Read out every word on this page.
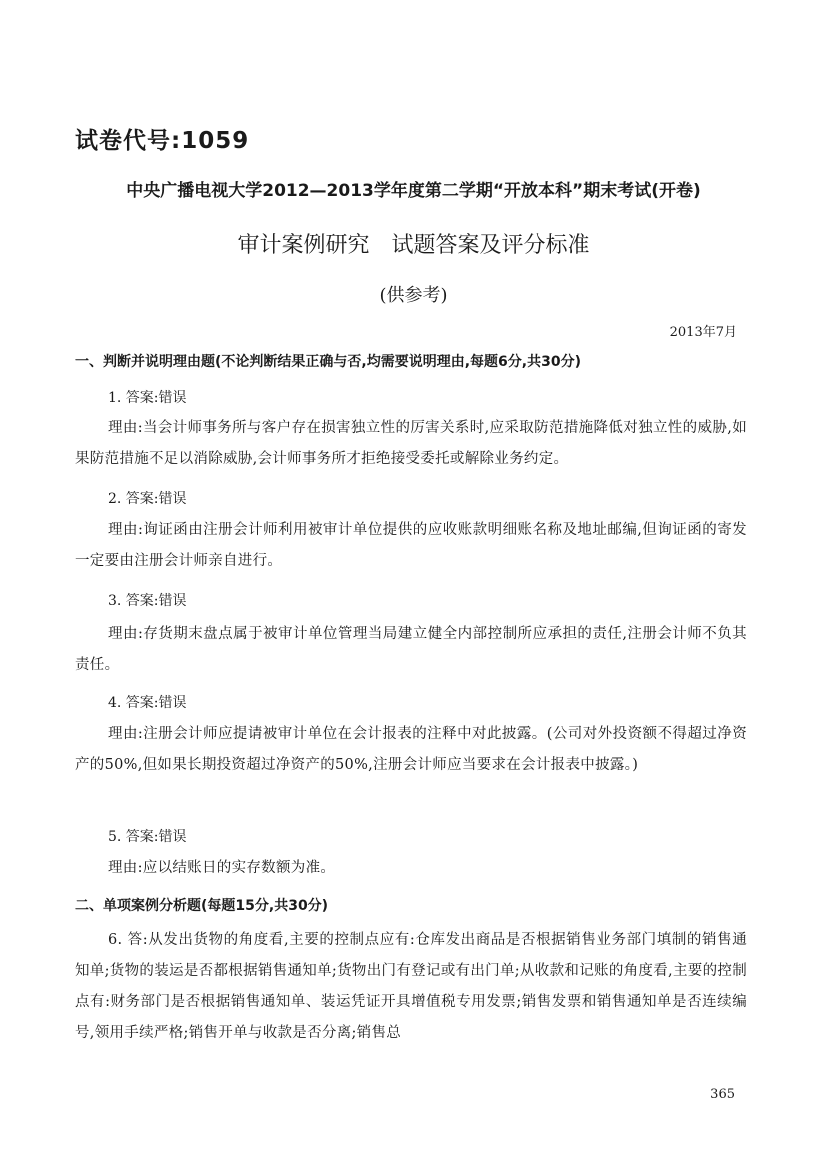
试卷代号:1059
中央广播电视大学2012—2013学年度第二学期“开放本科”期末考试(开卷)
审计案例研究　试题答案及评分标准
(供参考)
2013年7月
一、判断并说明理由题(不论判断结果正确与否,均需要说明理由,每题6分,共30分)
1. 答案:错误
理由:当会计师事务所与客户存在损害独立性的厉害关系时,应采取防范措施降低对独立性的威胁,如果防范措施不足以消除威胁,会计师事务所才拒绝接受委托或解除业务约定。
2. 答案:错误
理由:询证函由注册会计师利用被审计单位提供的应收账款明细账名称及地址邮编,但询证函的寄发一定要由注册会计师亲自进行。
3. 答案:错误
理由:存货期末盘点属于被审计单位管理当局建立健全内部控制所应承担的责任,注册会计师不负其责任。
4. 答案:错误
理由:注册会计师应提请被审计单位在会计报表的注释中对此披露。(公司对外投资额不得超过净资产的50%,但如果长期投资超过净资产的50%,注册会计师应当要求在会计报表中披露。)
5. 答案:错误
理由:应以结账日的实存数额为准。
二、单项案例分析题(每题15分,共30分)
6. 答:从发出货物的角度看,主要的控制点应有:仓库发出商品是否根据销售业务部门填制的销售通知单;货物的装运是否都根据销售通知单;货物出门有登记或有出门单;从收款和记账的角度看,主要的控制点有:财务部门是否根据销售通知单、装运凭证开具增值税专用发票;销售发票和销售通知单是否连续编号,领用手续严格;销售开单与收款是否分离;销售总
365
